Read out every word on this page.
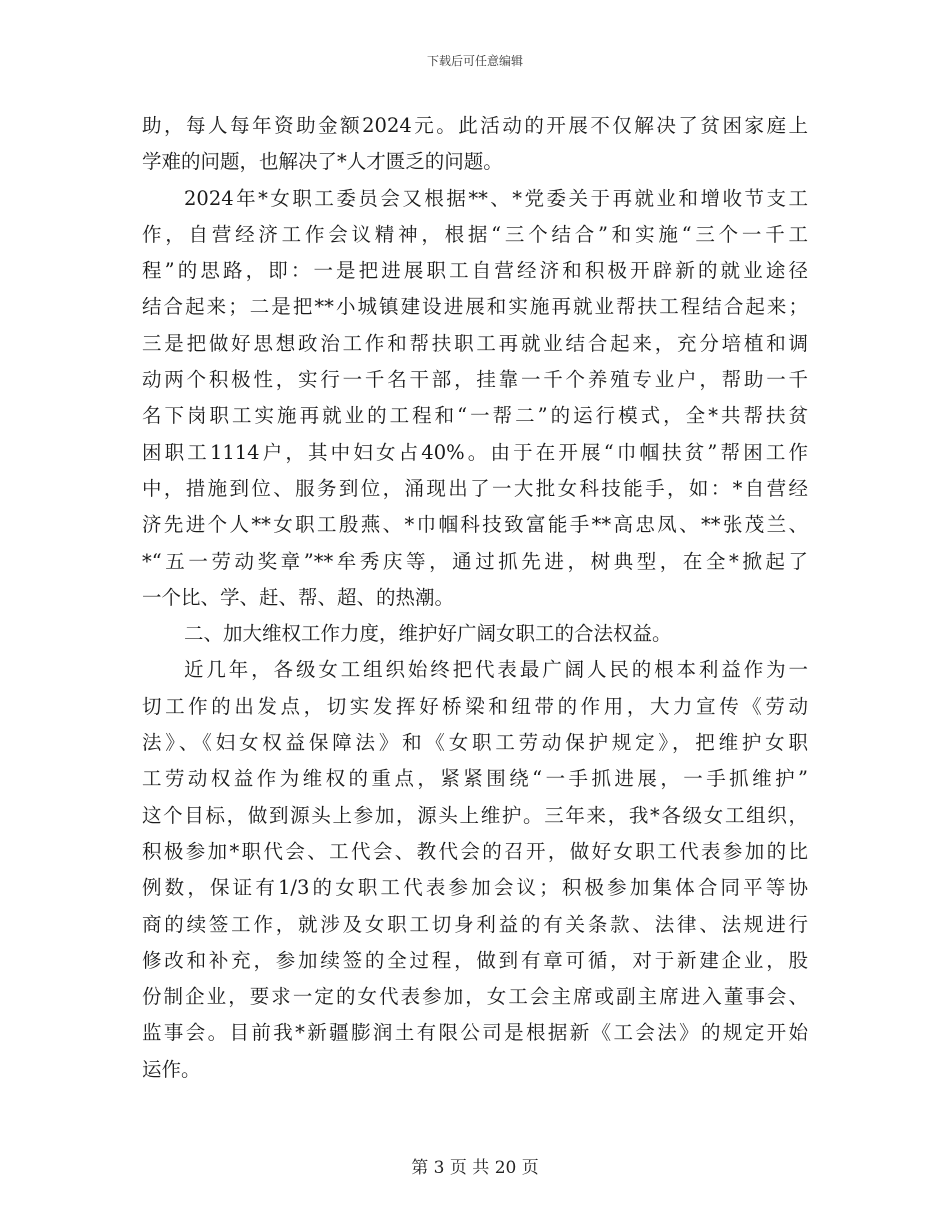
下载后可任意编辑
助，每人每年资助金额2024元。此活动的开展不仅解决了贫困家庭上
学难的问题，也解决了*人才匮乏的问题。
2024年*女职工委员会又根据**、*党委关于再就业和增收节支工
作，自营经济工作会议精神，根据“三个结合”和实施“三个一千工
程”的思路，即：一是把进展职工自营经济和积极开辟新的就业途径
结合起来；二是把**小城镇建设进展和实施再就业帮扶工程结合起来；
三是把做好思想政治工作和帮扶职工再就业结合起来，充分培植和调
动两个积极性，实行一千名干部，挂靠一千个养殖专业户，帮助一千
名下岗职工实施再就业的工程和“一帮二”的运行模式，全*共帮扶贫
困职工1114户，其中妇女占40%。由于在开展“巾帼扶贫”帮困工作
中，措施到位、服务到位，涌现出了一大批女科技能手，如：*自营经
济先进个人**女职工殷燕、*巾帼科技致富能手**高忠凤、**张茂兰、
*“五一劳动奖章”**牟秀庆等，通过抓先进，树典型，在全*掀起了
一个比、学、赶、帮、超、的热潮。
二、加大维权工作力度，维护好广阔女职工的合法权益。
近几年，各级女工组织始终把代表最广阔人民的根本利益作为一
切工作的出发点，切实发挥好桥梁和纽带的作用，大力宣传《劳动
法》、《妇女权益保障法》和《女职工劳动保护规定》，把维护女职
工劳动权益作为维权的重点，紧紧围绕“一手抓进展，一手抓维护”
这个目标，做到源头上参加，源头上维护。三年来，我*各级女工组织，
积极参加*职代会、工代会、教代会的召开，做好女职工代表参加的比
例数，保证有1/3的女职工代表参加会议；积极参加集体合同平等协
商的续签工作，就涉及女职工切身利益的有关条款、法律、法规进行
修改和补充，参加续签的全过程，做到有章可循，对于新建企业，股
份制企业，要求一定的女代表参加，女工会主席或副主席进入董事会、
监事会。目前我*新疆膨润土有限公司是根据新《工会法》的规定开始
运作。
第 3 页 共 20 页
